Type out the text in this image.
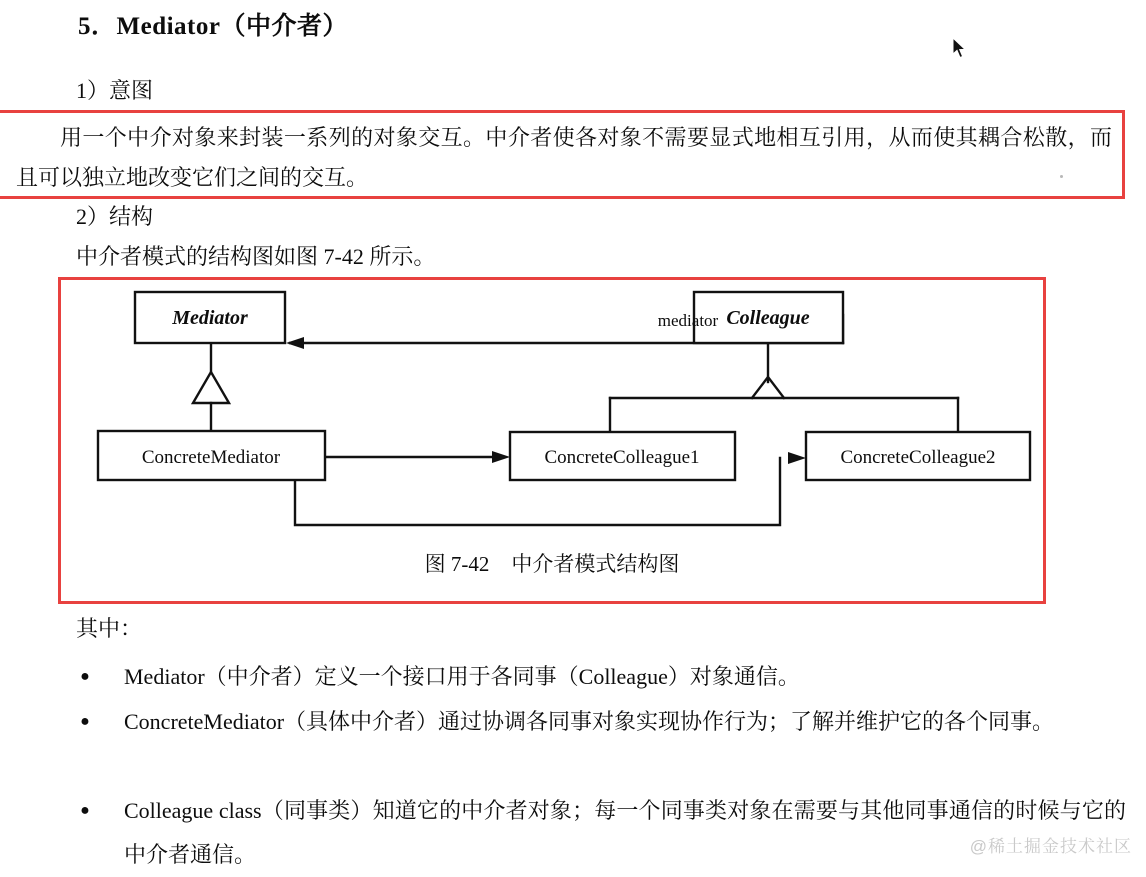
5．Mediator（中介者）
1）意图
用一个中介对象来封装一系列的对象交互。中介者使各对象不需要显式地相互引用，从而使其耦合松散，而且可以独立地改变它们之间的交互。
2）结构
中介者模式的结构图如图 7-42 所示。
Mediator	Colleague
ConcreteMediator	ConcreteColleague1	ConcreteColleague2
mediator
图 7-42 中介者模式结构图
其中：
● Mediator（中介者）定义一个接口用于各同事（Colleague）对象通信。
● ConcreteMediator（具体中介者）通过协调各同事对象实现协作行为；了解并维护它的各个同事。
● Colleague class（同事类）知道它的中介者对象；每一个同事类对象在需要与其他同事通信的时候与它的中介者通信。	@稀土掘金技术社区
